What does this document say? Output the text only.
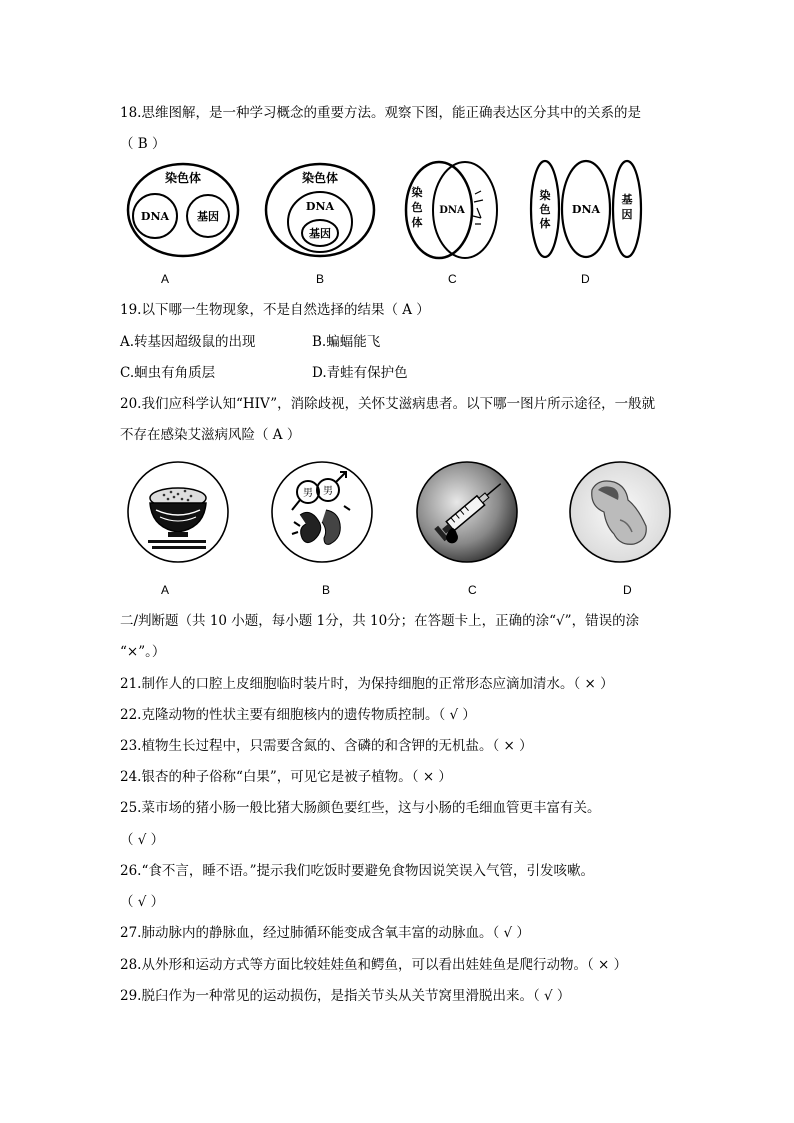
18.思维图解，是一种学习概念的重要方法。观察下图，能正确表达区分其中的关系的是
（ B ）
染色体
DNA	基因
染色体
DNA
基因
染
色
体
DNA
染
色
体
DNA
基
因
A	B	C	D
19.以下哪一生物现象，不是自然选择的结果（ A ）
A.转基因超级鼠的出现	B.蝙蝠能飞
C.蛔虫有角质层	D.青蛙有保护色
20.我们应科学认知“HIV”，消除歧视，关怀艾滋病患者。以下哪一图片所示途径，一般就
不存在感染艾滋病风险（ A ）
男 男
A	B	C	D
二/判断题（共 10 小题，每小题 1分，共 10分；在答题卡上，正确的涂“√”，错误的涂
“×”。）
21.制作人的口腔上皮细胞临时装片时，为保持细胞的正常形态应滴加清水。（ × ）
22.克隆动物的性状主要有细胞核内的遗传物质控制。（ √ ）
23.植物生长过程中，只需要含氮的、含磷的和含钾的无机盐。（ × ）
24.银杏的种子俗称“白果”，可见它是被子植物。（ × ）
25.菜市场的猪小肠一般比猪大肠颜色要红些，这与小肠的毛细血管更丰富有关。
（ √ ）
26.“食不言，睡不语。”提示我们吃饭时要避免食物因说笑误入气管，引发咳嗽。
（ √ ）
27.肺动脉内的静脉血，经过肺循环能变成含氧丰富的动脉血。（ √ ）
28.从外形和运动方式等方面比较娃娃鱼和鳄鱼，可以看出娃娃鱼是爬行动物。（ × ）
29.脱臼作为一种常见的运动损伤，是指关节头从关节窝里滑脱出来。（ √ ）
